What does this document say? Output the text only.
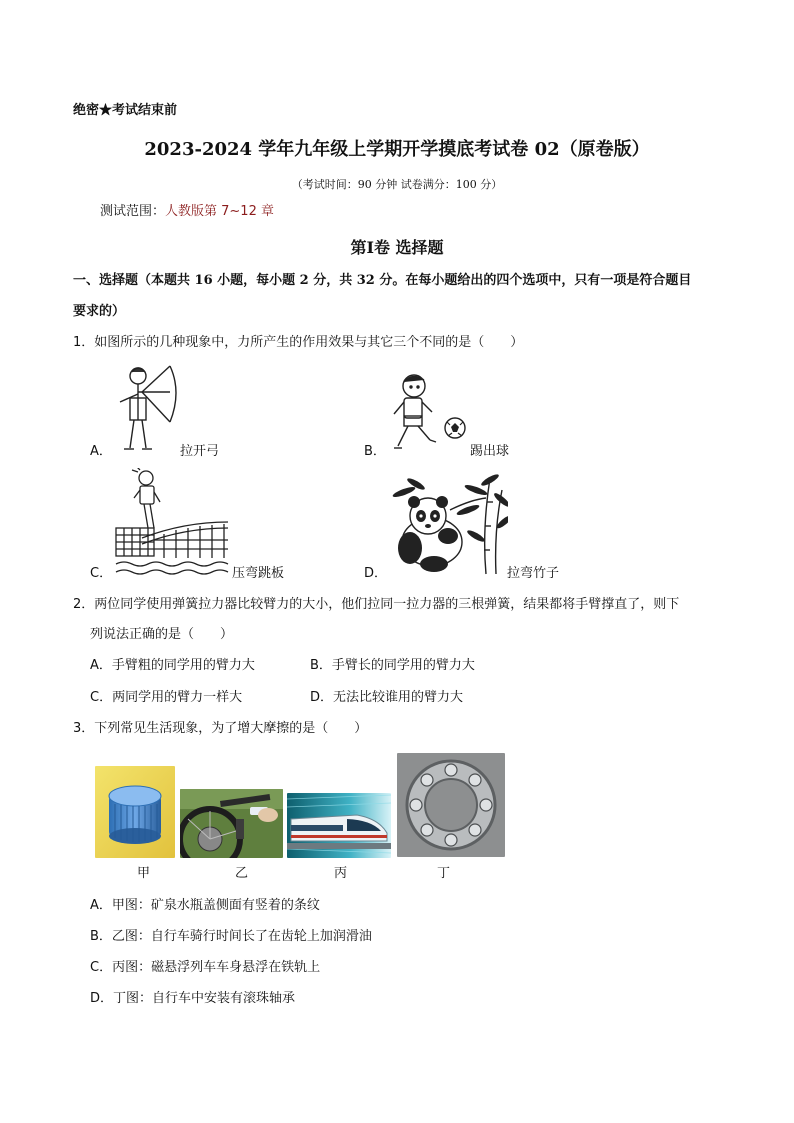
绝密★考试结束前
2023-2024 学年九年级上学期开学摸底考试卷 02（原卷版）
（考试时间：90 分钟 试卷满分：100 分）
测试范围：人教版第 7~12 章
第Ⅰ卷 选择题
一、选择题（本题共 16 小题，每小题 2 分，共 32 分。在每小题给出的四个选项中，只有一项是符合题目
要求的）
1．如图所示的几种现象中，力所产生的作用效果与其它三个不同的是（　　）
A．	拉开弓	B．	踢出球
C．	压弯跳板	D．	拉弯竹子
2．两位同学使用弹簧拉力器比较臂力的大小，他们拉同一拉力器的三根弹簧，结果都将手臂撑直了，则下
列说法正确的是（　　）
A．手臂粗的同学用的臂力大	B．手臂长的同学用的臂力大
C．两同学用的臂力一样大	D．无法比较谁用的臂力大
3．下列常见生活现象，为了增大摩擦的是（　　）
甲	乙	丙	丁
A．甲图：矿泉水瓶盖侧面有竖着的条纹
B．乙图：自行车骑行时间长了在齿轮上加润滑油
C．丙图：磁悬浮列车车身悬浮在铁轨上
D．丁图：自行车中安装有滚珠轴承
